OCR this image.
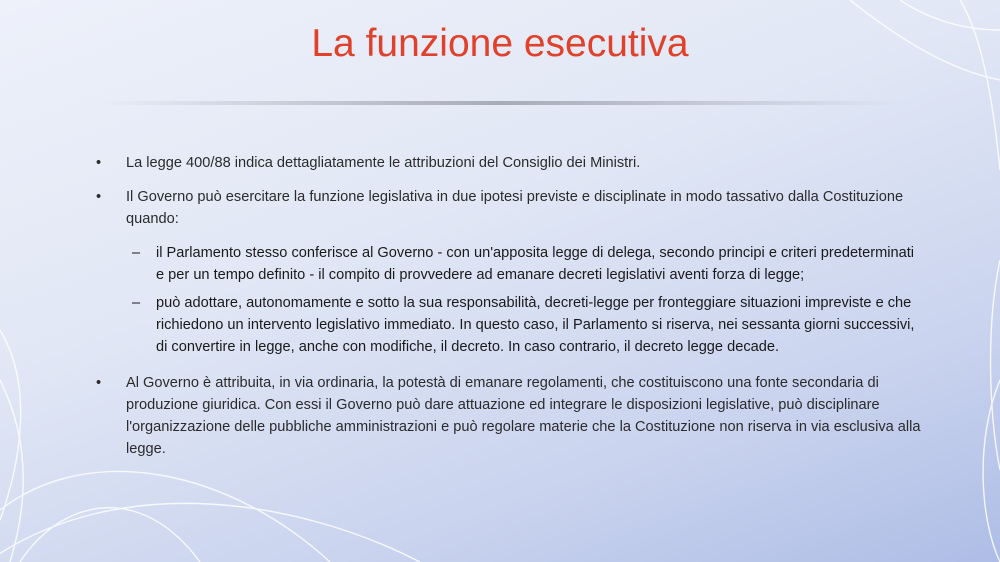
La funzione esecutiva
•	La legge 400/88 indica dettagliatamente le attribuzioni del Consiglio dei Ministri.
•	Il Governo può esercitare la funzione legislativa in due ipotesi previste e disciplinate in modo tassativo dalla Costituzione quando:
– il Parlamento stesso conferisce al Governo - con un'apposita legge di delega, secondo principi e criteri predeterminati e per un tempo definito - il compito di provvedere ad emanare decreti legislativi aventi forza di legge;
– può adottare, autonomamente e sotto la sua responsabilità, decreti-legge per fronteggiare situazioni impreviste e che richiedono un intervento legislativo immediato. In questo caso, il Parlamento si riserva, nei sessanta giorni successivi, di convertire in legge, anche con modifiche, il decreto. In caso contrario, il decreto legge decade.
•	Al Governo è attribuita, in via ordinaria, la potestà di emanare regolamenti, che costituiscono una fonte secondaria di produzione giuridica. Con essi il Governo può dare attuazione ed integrare le disposizioni legislative, può disciplinare l'organizzazione delle pubbliche amministrazioni e può regolare materie che la Costituzione non riserva in via esclusiva alla legge.
